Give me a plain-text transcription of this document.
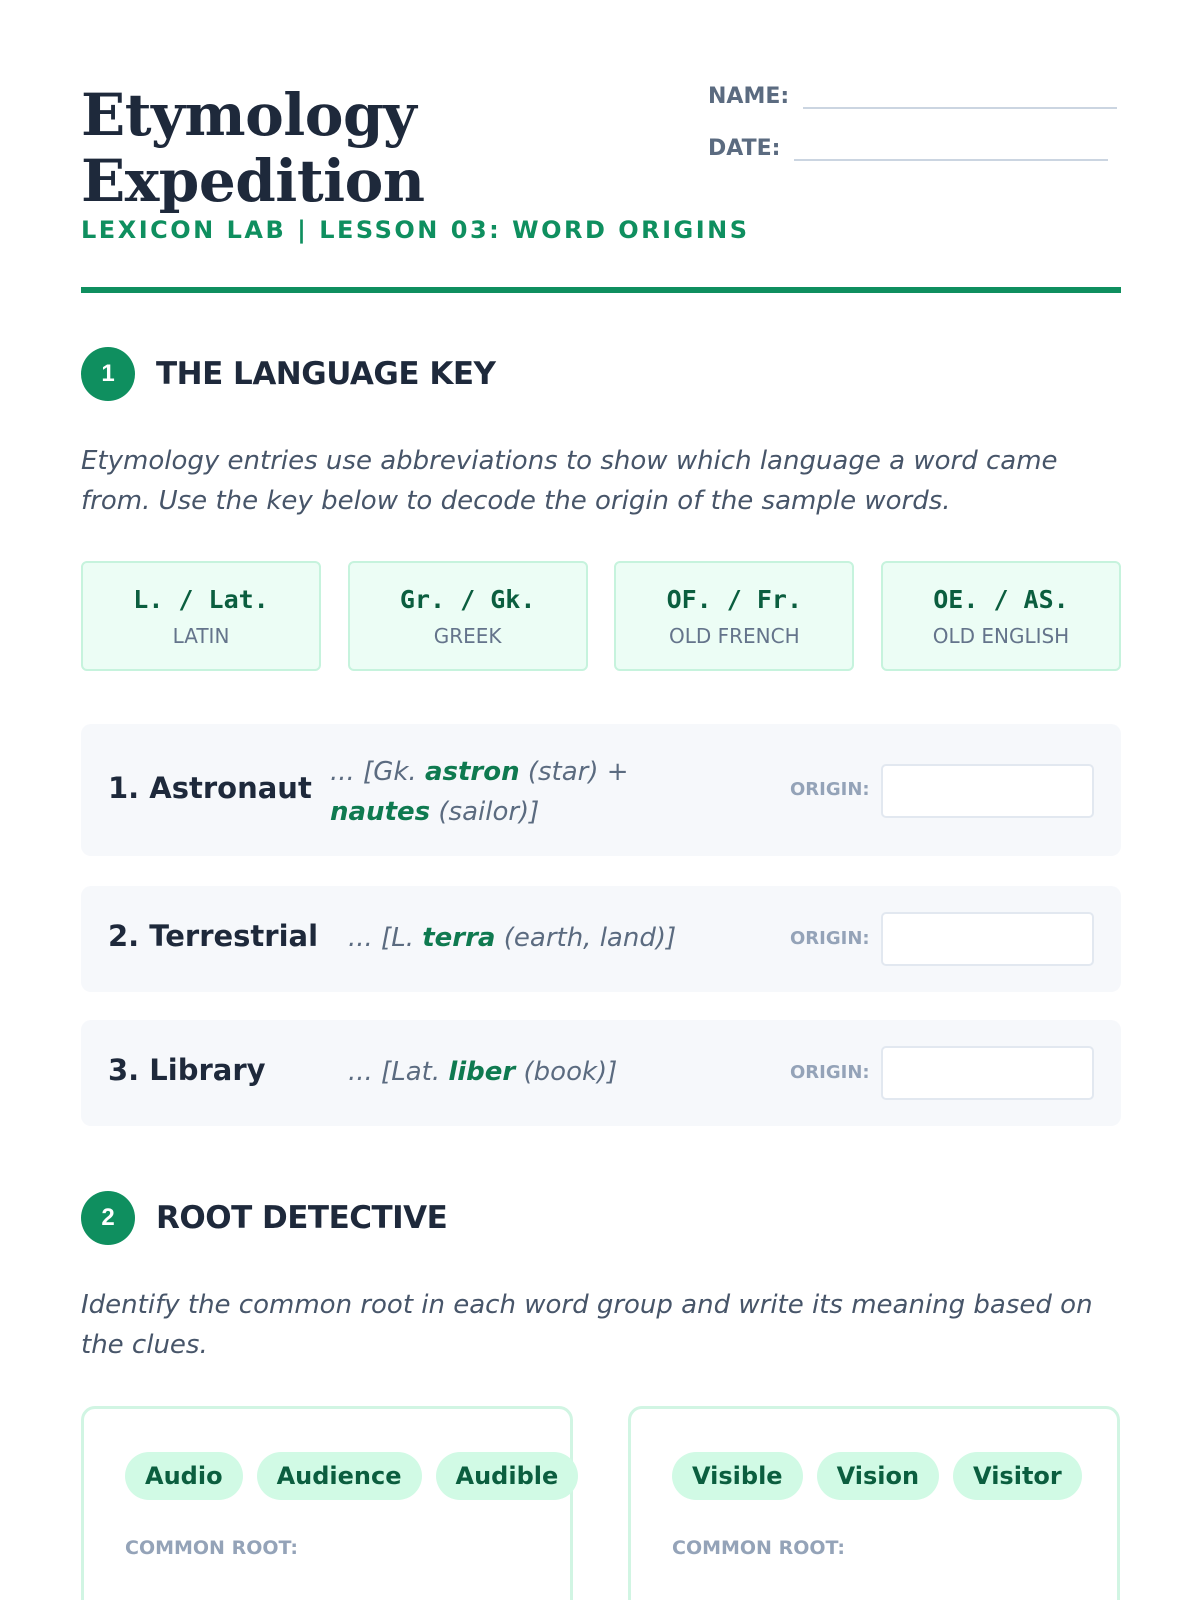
Etymology
Expedition
LEXICON LAB | LESSON 03: WORD ORIGINS
NAME:
DATE:
1	THE LANGUAGE KEY

Etymology entries use abbreviations to show which language a word came from. Use the key below to decode the origin of the sample words.

L. / Lat.
LATIN
Gr. / Gk.
GREEK
OF. / Fr.
OLD FRENCH
OE. / AS.
OLD ENGLISH
1. Astronaut ... [Gk. astron (star) + nautes (sailor)]
ORIGIN:
2. Terrestrial ... [L. terra (earth, land)]	ORIGIN:
3. Library	... [Lat. liber (book)]	ORIGIN:
2	ROOT DETECTIVE

Identify the common root in each word group and write its meaning based on the clues.

Audio	Audience	Audible
COMMON ROOT:
Visible	Vision	Visitor
COMMON ROOT:
